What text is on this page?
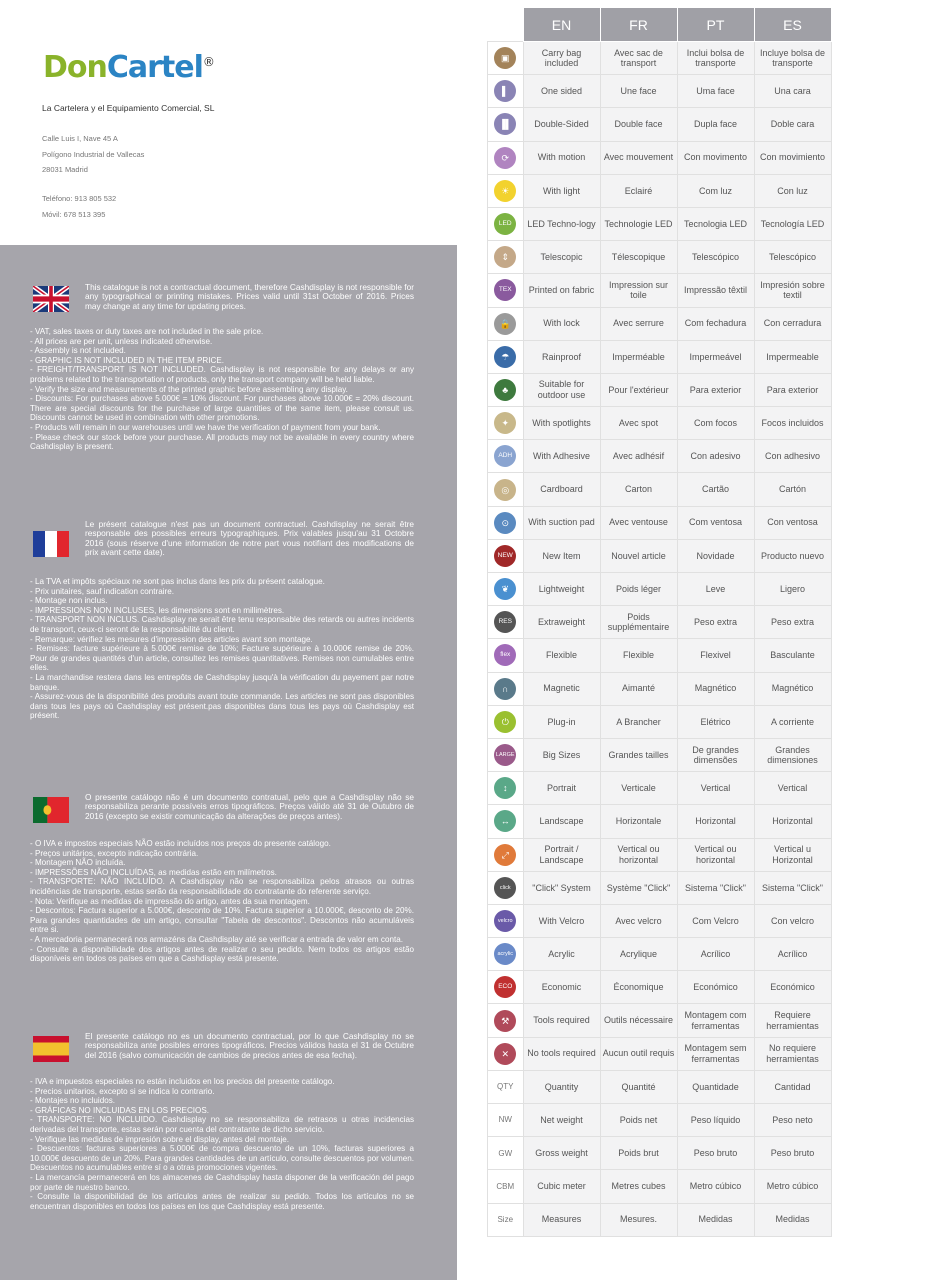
DonCartel®
La Cartelera y el Equipamiento Comercial, SL
Calle Luis I, Nave 45 A
Polígono Industrial de Vallecas
28031 Madrid
Teléfono: 913 805 532
Móvil: 678 513 395
This catalogue is not a contractual document, therefore Cashdisplay is not responsible for any typographical or printing mistakes. Prices valid until 31st October of 2016. Prices may change at any time for updating prices.
- VAT, sales taxes or duty taxes are not included in the sale price.
- All prices are per unit, unless indicated otherwise.
- Assembly is not included.
- GRAPHIC IS NOT INCLUDED IN THE ITEM PRICE.
- FREIGHT/TRANSPORT IS NOT INCLUDED. Cashdisplay is not responsible for any delays or any problems related to the transportation of products, only the transport company will be held liable.
- Verify the size and measurements of the printed graphic before assembling any display.
- Discounts: For purchases above 5.000€ = 10% discount. For purchases above 10.000€ = 20% discount. There are special discounts for the purchase of large quantities of the same item, please consult us. Discounts cannot be used in combination with other promotions.
- Products will remain in our warehouses until we have the verification of payment from your bank.
- Please check our stock before your purchase. All products may not be available in every country where Cashdisplay is present.
Le présent catalogue n'est pas un document contractuel. Cashdisplay ne serait être responsable des possibles erreurs typographiques. Prix valables jusqu'au 31 Octobre 2016 (sous réserve d'une information de notre part vous notifiant des modifications de prix avant cette date).
- La TVA et impôts spéciaux ne sont pas inclus dans les prix du présent catalogue.
- Prix unitaires, sauf indication contraire.
- Montage non inclus.
- IMPRESSIONS NON INCLUSES, les dimensions sont en millimètres.
- TRANSPORT NON INCLUS. Cashdisplay ne serait être tenu responsable des retards ou autres incidents de transport, ceux-ci seront de la responsabilité du client.
- Remarque: vérifiez les mesures d'impression des articles avant son montage.
- Remises: facture supérieure à 5.000€ remise de 10%; Facture supérieure à 10.000€ remise de 20%. Pour de grandes quantités d'un article, consultez les remises quantitatives. Remises non cumulables entre elles.
- La marchandise restera dans les entrepôts de Cashdisplay jusqu'à la vérification du payement par notre banque.
- Assurez-vous de la disponibilité des produits avant toute commande. Les articles ne sont pas disponibles dans tous les pays où Cashdisplay est présent.pas disponibles dans tous les pays où Cashdisplay est présent.
O presente catálogo não é um documento contratual, pelo que a Cashdisplay não se responsabiliza perante possíveis erros tipográficos. Preços válido até 31 de Outubro de 2016 (excepto se existir comunicação da alterações de preços antes).
- O IVA e impostos especiais NÃO estão incluídos nos preços do presente catálogo.
- Preços unitários, excepto indicação contrária.
- Montagem NÃO incluída.
- IMPRESSÕES NÃO INCLUÍDAS, as medidas estão em milímetros.
- TRANSPORTE: NÃO INCLUÍDO. A Cashdisplay não se responsabiliza pelos atrasos ou outras incidências de transporte, estas serão da responsabilidade do contratante do referente serviço.
- Nota: Verifique as medidas de impressão do artigo, antes da sua montagem.
- Descontos: Factura superior a 5.000€, desconto de 10%. Factura superior a 10.000€, desconto de 20%. Para grandes quantidades de um artigo, consultar "Tabela de descontos". Descontos não acumuláveis entre si.
- A mercadoria permanecerá nos armazéns da Cashdisplay até se verificar a entrada de valor em conta.
- Consulte a disponibilidade dos artigos antes de realizar o seu pedido. Nem todos os artigos estão disponíveis em todos os países em que a Cashdisplay está presente.
El presente catálogo no es un documento contractual, por lo que Cashdisplay no se responsabiliza ante posibles errores tipográficos. Precios válidos hasta el 31 de Octubre del 2016 (salvo comunicación de cambios de precios antes de esa fecha).
- IVA e impuestos especiales no están incluidos en los precios del presente catálogo.
- Precios unitarios, excepto si se indica lo contrario.
- Montajes no incluidos.
- GRÁFICAS NO INCLUIDAS EN LOS PRECIOS.
- TRANSPORTE: NO INCLUIDO. Cashdisplay no se responsabiliza de retrasos u otras incidencias derivadas del transporte, estas serán por cuenta del contratante de dicho servicio.
- Verifique las medidas de impresión sobre el display, antes del montaje.
- Descuentos: facturas superiores a 5.000€ de compra descuento de un 10%, facturas superiores a 10.000€ descuento de un 20%. Para grandes cantidades de un artículo, consulte descuentos por volumen. Descuentos no acumulables entre sí o a otras promociones vigentes.
- La mercancía permanecerá en los almacenes de Cashdisplay hasta disponer de la verificación del pago por parte de nuestro banco.
- Consulte la disponibilidad de los artículos antes de realizar su pedido. Todos los artículos no se encuentran disponibles en todos los países en los que Cashdisplay está presente.
	EN	FR	PT	ES
▣	Carry bag included	Avec sac de transport	Inclui bolsa de transporte	Incluye bolsa de transporte
▌	One sided	Une face	Uma face	Una cara
▐▌	Double-Sided	Double face	Dupla face	Doble cara
⟳	With motion	Avec mouvement	Con movimento	Con movimiento
☀	With light	Eclairé	Com luz	Con luz
LED	LED Techno-logy	Technologie LED	Tecnologia LED	Tecnología LED
⇕	Telescopic	Télescopique	Telescópico	Telescópico
TEX	Printed on fabric	Impression sur toile	Impressão têxtil	Impresión sobre textil
🔒	With lock	Avec serrure	Com fechadura	Con cerradura
☂	Rainproof	Imperméable	Impermeável	Impermeable
♣	Suitable for outdoor use	Pour l'extérieur	Para exterior	Para exterior
✦	With spotlights	Avec spot	Com focos	Focos incluidos
ADH	With Adhesive	Avec adhésif	Con adesivo	Con adhesivo
◎	Cardboard	Carton	Cartão	Cartón
⊙	With suction pad	Avec ventouse	Com ventosa	Con ventosa
NEW	New Item	Nouvel article	Novidade	Producto nuevo
❦	Lightweight	Poids léger	Leve	Ligero
RES	Extraweight	Poids supplémentaire	Peso extra	Peso extra
flex	Flexible	Flexible	Flexivel	Basculante
∩	Magnetic	Aimanté	Magnético	Magnético
⏻	Plug-in	A Brancher	Elétrico	A corriente
LARGE	Big Sizes	Grandes tailles	De grandes dimensões	Grandes dimensiones
↕	Portrait	Verticale	Vertical	Vertical
↔	Landscape	Horizontale	Horizontal	Horizontal
⤢	Portrait / Landscape	Vertical ou horizontal	Vertical ou horizontal	Vertical u Horizontal
click	"Click" System	Système "Click"	Sistema "Click"	Sistema "Click"
velcro	With Velcro	Avec velcro	Com Velcro	Con velcro
acrylic	Acrylic	Acrylique	Acrílico	Acrílico
ECO	Economic	Économique	Económico	Económico
⚒	Tools required	Outils nécessaire	Montagem com ferramentas	Requiere herramientas
✕	No tools required	Aucun outil requis	Montagem sem ferramentas	No requiere herramientas
QTY	Quantity	Quantité	Quantidade	Cantidad
NW	Net weight	Poids net	Peso líquido	Peso neto
GW	Gross weight	Poids brut	Peso bruto	Peso bruto
CBM	Cubic meter	Metres cubes	Metro cúbico	Metro cúbico
Size	Measures	Mesures.	Medidas	Medidas
